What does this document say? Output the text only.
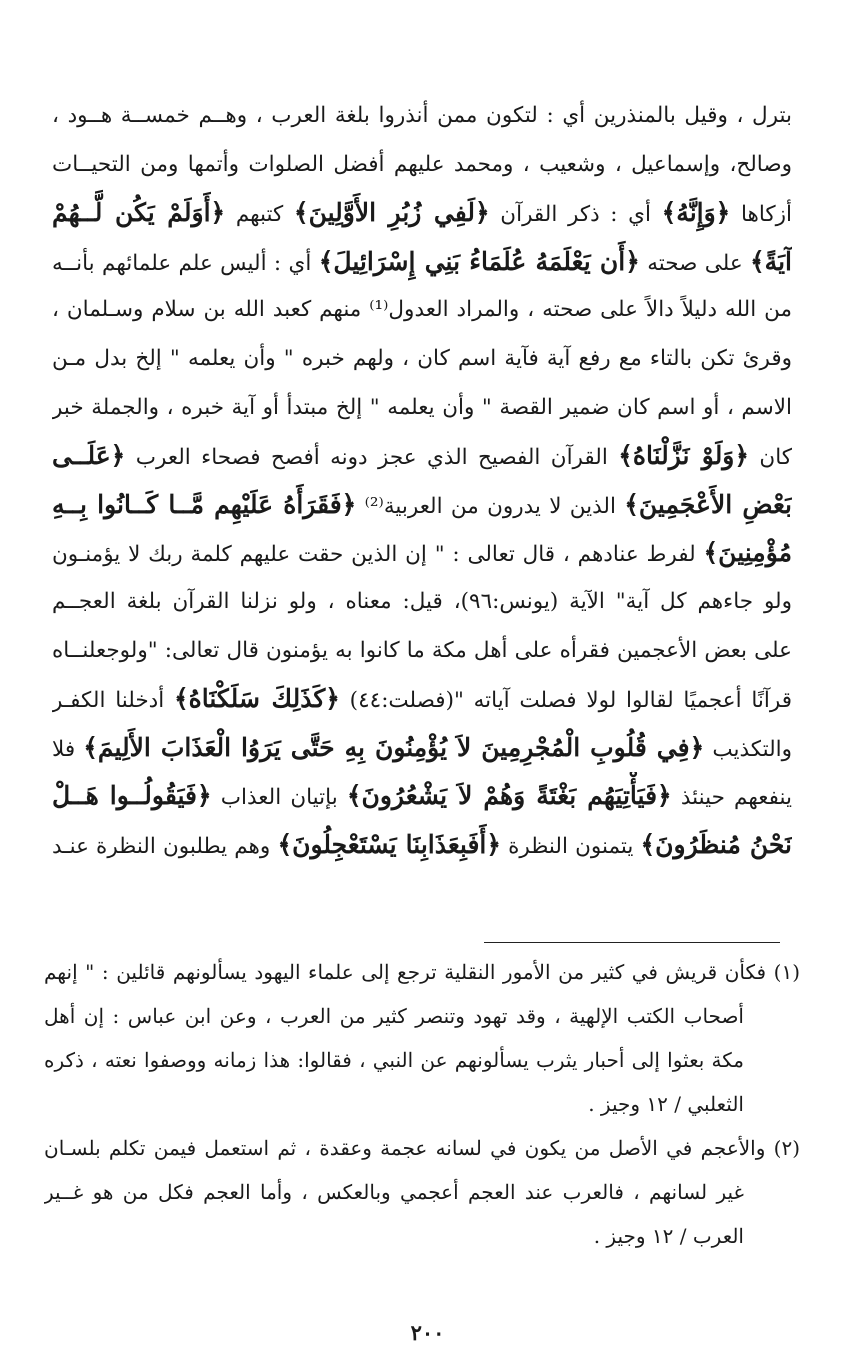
بترل ، وقيل بالمنذرين أي : لتكون ممن أنذروا بلغة العرب ، وهــم خمســة هــود ،
وصالح، وإسماعيل ، وشعيب ، ومحمد عليهم أفضل الصلوات وأتمها ومن التحيــات
أزكاها ﴿وَإِنَّهُ﴾ أي : ذكر القرآن ﴿لَفِي زُبُرِ الأَوَّلِينَ﴾ كتبهم ﴿أَوَلَمْ يَكُن لَّــهُمْ
آيَةً﴾ على صحته ﴿أَن يَعْلَمَهُ عُلَمَاءُ بَنِي إِسْرَائِيلَ﴾ أي : أليس علم علمائهم بأنــه
من الله دليلاً دالاً على صحته ، والمراد العدول⁽¹⁾ منهم كعبد الله بن سلام وسـلمان ،
وقرئ تكن بالتاء مع رفع آية فآية اسم كان ، ولهم خبره " وأن يعلمه " إلخ بدل مـن
الاسم ، أو اسم كان ضمير القصة " وأن يعلمه " إلخ مبتدأ أو آية خبره ، والجملة خبر
كان ﴿وَلَوْ نَزَّلْنَاهُ﴾ القرآن الفصيح الذي عجز دونه أفصح فصحاء العرب ﴿عَلَــى
بَعْضِ الأَعْجَمِينَ﴾ الذين لا يدرون من العربية⁽²⁾ ﴿فَقَرَأَهُ عَلَيْهِم مَّــا كَــانُوا بِــهِ
مُؤْمِنِينَ﴾ لفرط عنادهم ، قال تعالى : " إن الذين حقت عليهم كلمة ربك لا يؤمنـون
ولو جاءهم كل آية" الآية (يونس:٩٦)، قيل: معناه ، ولو نزلنا القرآن بلغة العجــم
على بعض الأعجمين فقرأه على أهل مكة ما كانوا به يؤمنون قال تعالى: "ولوجعلنــاه
قرآنًا أعجميًا لقالوا لولا فصلت آياته "(فصلت:٤٤) ﴿كَذَلِكَ سَلَكْنَاهُ﴾ أدخلنا الكفـر
والتكذيب ﴿فِي قُلُوبِ الْمُجْرِمِينَ لاَ يُؤْمِنُونَ بِهِ حَتَّى يَرَوُا الْعَذَابَ الأَلِيمَ﴾ فلا
ينفعهم حينئذ ﴿فَيَأْتِيَهُم بَغْتَةً وَهُمْ لاَ يَشْعُرُونَ﴾ بإتيان العذاب ﴿فَيَقُولُــوا هَــلْ
نَحْنُ مُنظَرُونَ﴾ يتمنون النظرة ﴿أَفَبِعَذَابِنَا يَسْتَعْجِلُونَ﴾ وهم يطلبون النظرة عنـد
(١) فكأن قريش في كثير من الأمور النقلية ترجع إلى علماء اليهود يسألونهم قائلين : " إنهم
أصحاب الكتب الإلهية ، وقد تهود وتنصر كثير من العرب ، وعن ابن عباس : إن أهل
مكة بعثوا إلى أحبار يثرب يسألونهم عن النبي ، فقالوا: هذا زمانه ووصفوا نعته ، ذكره
الثعلبي / ١٢ وجيز .
(٢) والأعجم في الأصل من يكون في لسانه عجمة وعقدة ، ثم استعمل فيمن تكلم بلسـان
غير لسانهم ، فالعرب عند العجم أعجمي وبالعكس ، وأما العجم فكل من هو غــير
العرب / ١٢ وجيز .
٢٠٠
